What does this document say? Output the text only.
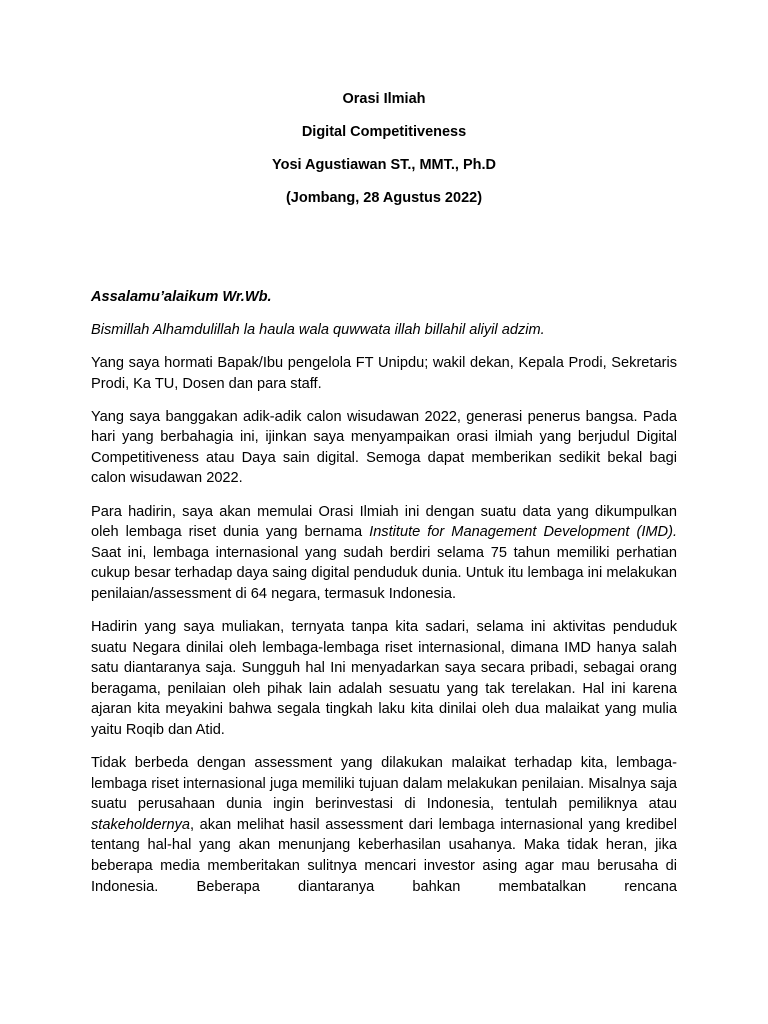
Orasi Ilmiah
Digital Competitiveness
Yosi Agustiawan ST., MMT., Ph.D
(Jombang, 28 Agustus 2022)

Assalamu’alaikum Wr.Wb.

Bismillah Alhamdulillah la haula wala quwwata illah billahil aliyil adzim.

Yang saya hormati Bapak/Ibu pengelola FT Unipdu; wakil dekan, Kepala Prodi, Sekretaris Prodi, Ka TU, Dosen dan para staff.

Yang saya banggakan adik-adik calon wisudawan 2022, generasi penerus bangsa. Pada hari yang berbahagia ini, ijinkan saya menyampaikan orasi ilmiah yang berjudul Digital Competitiveness atau Daya sain digital. Semoga dapat memberikan sedikit bekal bagi calon wisudawan 2022.

Para hadirin, saya akan memulai Orasi Ilmiah ini dengan suatu data yang dikumpulkan oleh lembaga riset dunia yang bernama Institute for Management Development (IMD). Saat ini, lembaga internasional yang sudah berdiri selama 75 tahun memiliki perhatian cukup besar terhadap daya saing digital penduduk dunia. Untuk itu lembaga ini melakukan penilaian/assessment di 64 negara, termasuk Indonesia.

Hadirin yang saya muliakan, ternyata tanpa kita sadari, selama ini aktivitas penduduk suatu Negara dinilai oleh lembaga-lembaga riset internasional, dimana IMD hanya salah satu diantaranya saja. Sungguh hal Ini menyadarkan saya secara pribadi, sebagai orang beragama, penilaian oleh pihak lain adalah sesuatu yang tak terelakan. Hal ini karena ajaran kita meyakini bahwa segala tingkah laku kita dinilai oleh dua malaikat yang mulia yaitu Roqib dan Atid.

Tidak berbeda dengan assessment yang dilakukan malaikat terhadap kita, lembaga-lembaga riset internasional juga memiliki tujuan dalam melakukan penilaian. Misalnya saja suatu perusahaan dunia ingin berinvestasi di Indonesia, tentulah pemiliknya atau stakeholdernya, akan melihat hasil assessment dari lembaga internasional yang kredibel tentang hal-hal yang akan menunjang keberhasilan usahanya. Maka tidak heran, jika beberapa media memberitakan sulitnya mencari investor asing agar mau berusaha di Indonesia. Beberapa diantaranya bahkan membatalkan rencana
